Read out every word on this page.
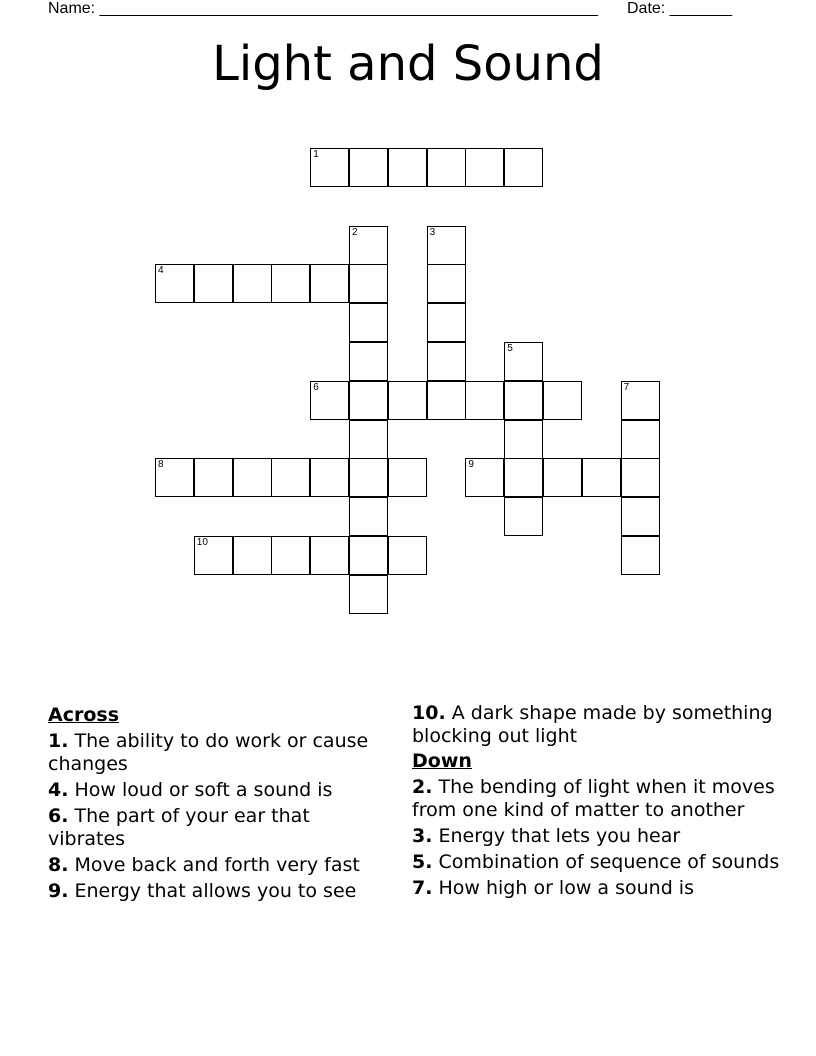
Name: ________________________________________________________ Date: _______
Light and Sound
1
2	3
4
5
6	7
8	9
10
Across
1. The ability to do work or cause changes
4. How loud or soft a sound is
6. The part of your ear that vibrates
8. Move back and forth very fast
9. Energy that allows you to see
10. A dark shape made by something blocking out light
Down
2. The bending of light when it moves from one kind of matter to another
3. Energy that lets you hear
5. Combination of sequence of sounds
7. How high or low a sound is
